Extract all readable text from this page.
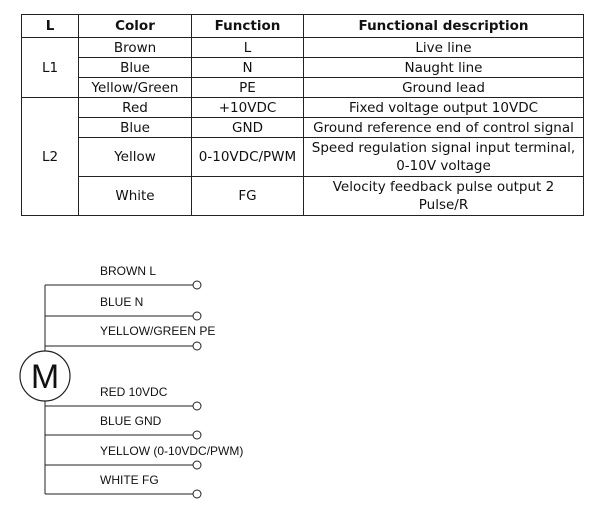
L	Color	Function	Functional description
L1	Brown	L	Live line
	Blue	N	Naught line
	Yellow/Green	PE	Ground lead
L2	Red	+10VDC	Fixed voltage output 10VDC
	Blue	GND	Ground reference end of control signal
	Yellow	0-10VDC/PWM	Speed regulation signal input terminal, 0-10V voltage
	White	FG	Velocity feedback pulse output 2 Pulse/R
M
BROWN L
BLUE N
YELLOW/GREEN PE
RED 10VDC
BLUE GND
YELLOW (0-10VDC/PWM)
WHITE FG
